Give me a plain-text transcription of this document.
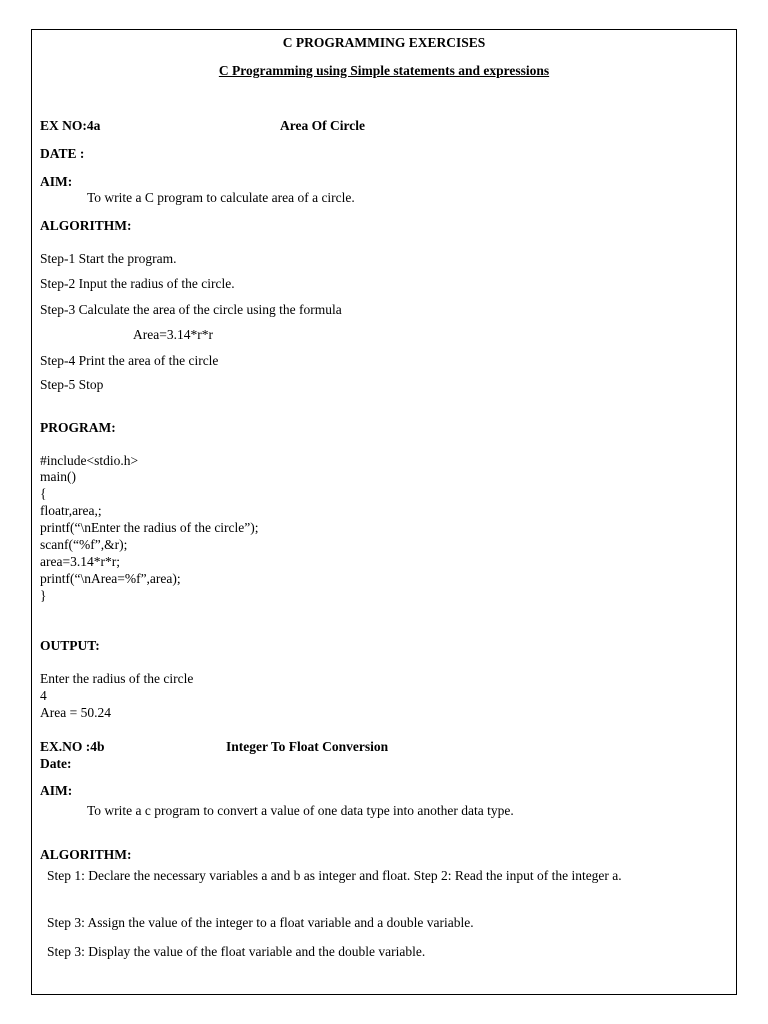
C PROGRAMMING EXERCISES
C Programming using Simple statements and expressions
EX NO:4a	Area Of Circle
DATE :
AIM:
To write a C program to calculate area of a circle.
ALGORITHM:
Step-1 Start the program.
Step-2 Input the radius of the circle.
Step-3 Calculate the area of the circle using the formula
Area=3.14*r*r
Step-4 Print the area of the circle
Step-5 Stop
PROGRAM:
#include<stdio.h>
main()
{
floatr,area,;
printf(“\nEnter the radius of the circle”);
scanf(“%f”,&r);
area=3.14*r*r;
printf(“\nArea=%f”,area);
}
OUTPUT:
Enter the radius of the circle
4
Area = 50.24
EX.NO :4b	Integer To Float Conversion
Date:
AIM:
To write a c program to convert a value of one data type into another data type.
ALGORITHM:
Step 1: Declare the necessary variables a and b as integer and float. Step 2: Read the input of the integer a.
Step 3: Assign the value of the integer to a float variable and a double variable.
Step 3: Display the value of the float variable and the double variable.
